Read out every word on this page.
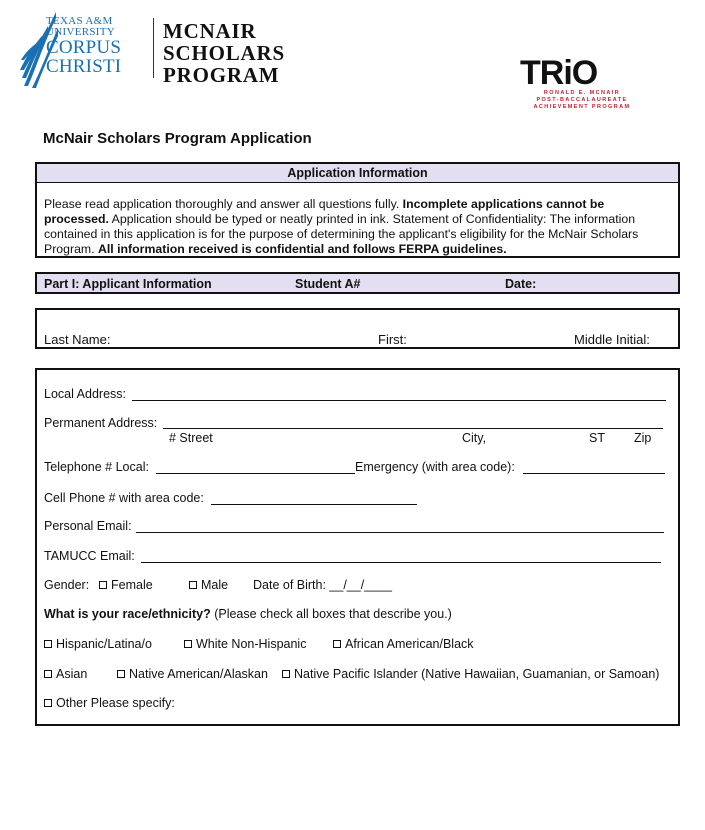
TEXAS A&M
UNIVERSITY
CORPUS
CHRISTI
MCNAIR
SCHOLARS
PROGRAM	TRiO
RONALD E. MCNAIR
POST-BACCALAUREATE
ACHIEVEMENT PROGRAM
McNair Scholars Program Application
Application Information
Please read application thoroughly and answer all questions fully. Incomplete applications cannot be processed. Application should be typed or neatly printed in ink. Statement of Confidentiality: The information contained in this application is for the purpose of determining the applicant's eligibility for the McNair Scholars Program. All information received is confidential and follows FERPA guidelines.
Part I: Applicant Information	Student A#	Date:
Last Name:	First:	Middle Initial:
Local Address:
Permanent Address:
# Street	City,	ST Zip
Telephone # Local:	Emergency (with area code):
Cell Phone # with area code:
Personal Email:
TAMUCC Email:
Gender:	Female	Male Date of Birth: __/__/____
What is your race/ethnicity? (Please check all boxes that describe you.)
Hispanic/Latina/o	White Non-Hispanic	African American/Black
Asian	Native American/Alaskan	Native Pacific Islander (Native Hawaiian, Guamanian, or Samoan)
Other Please specify:
